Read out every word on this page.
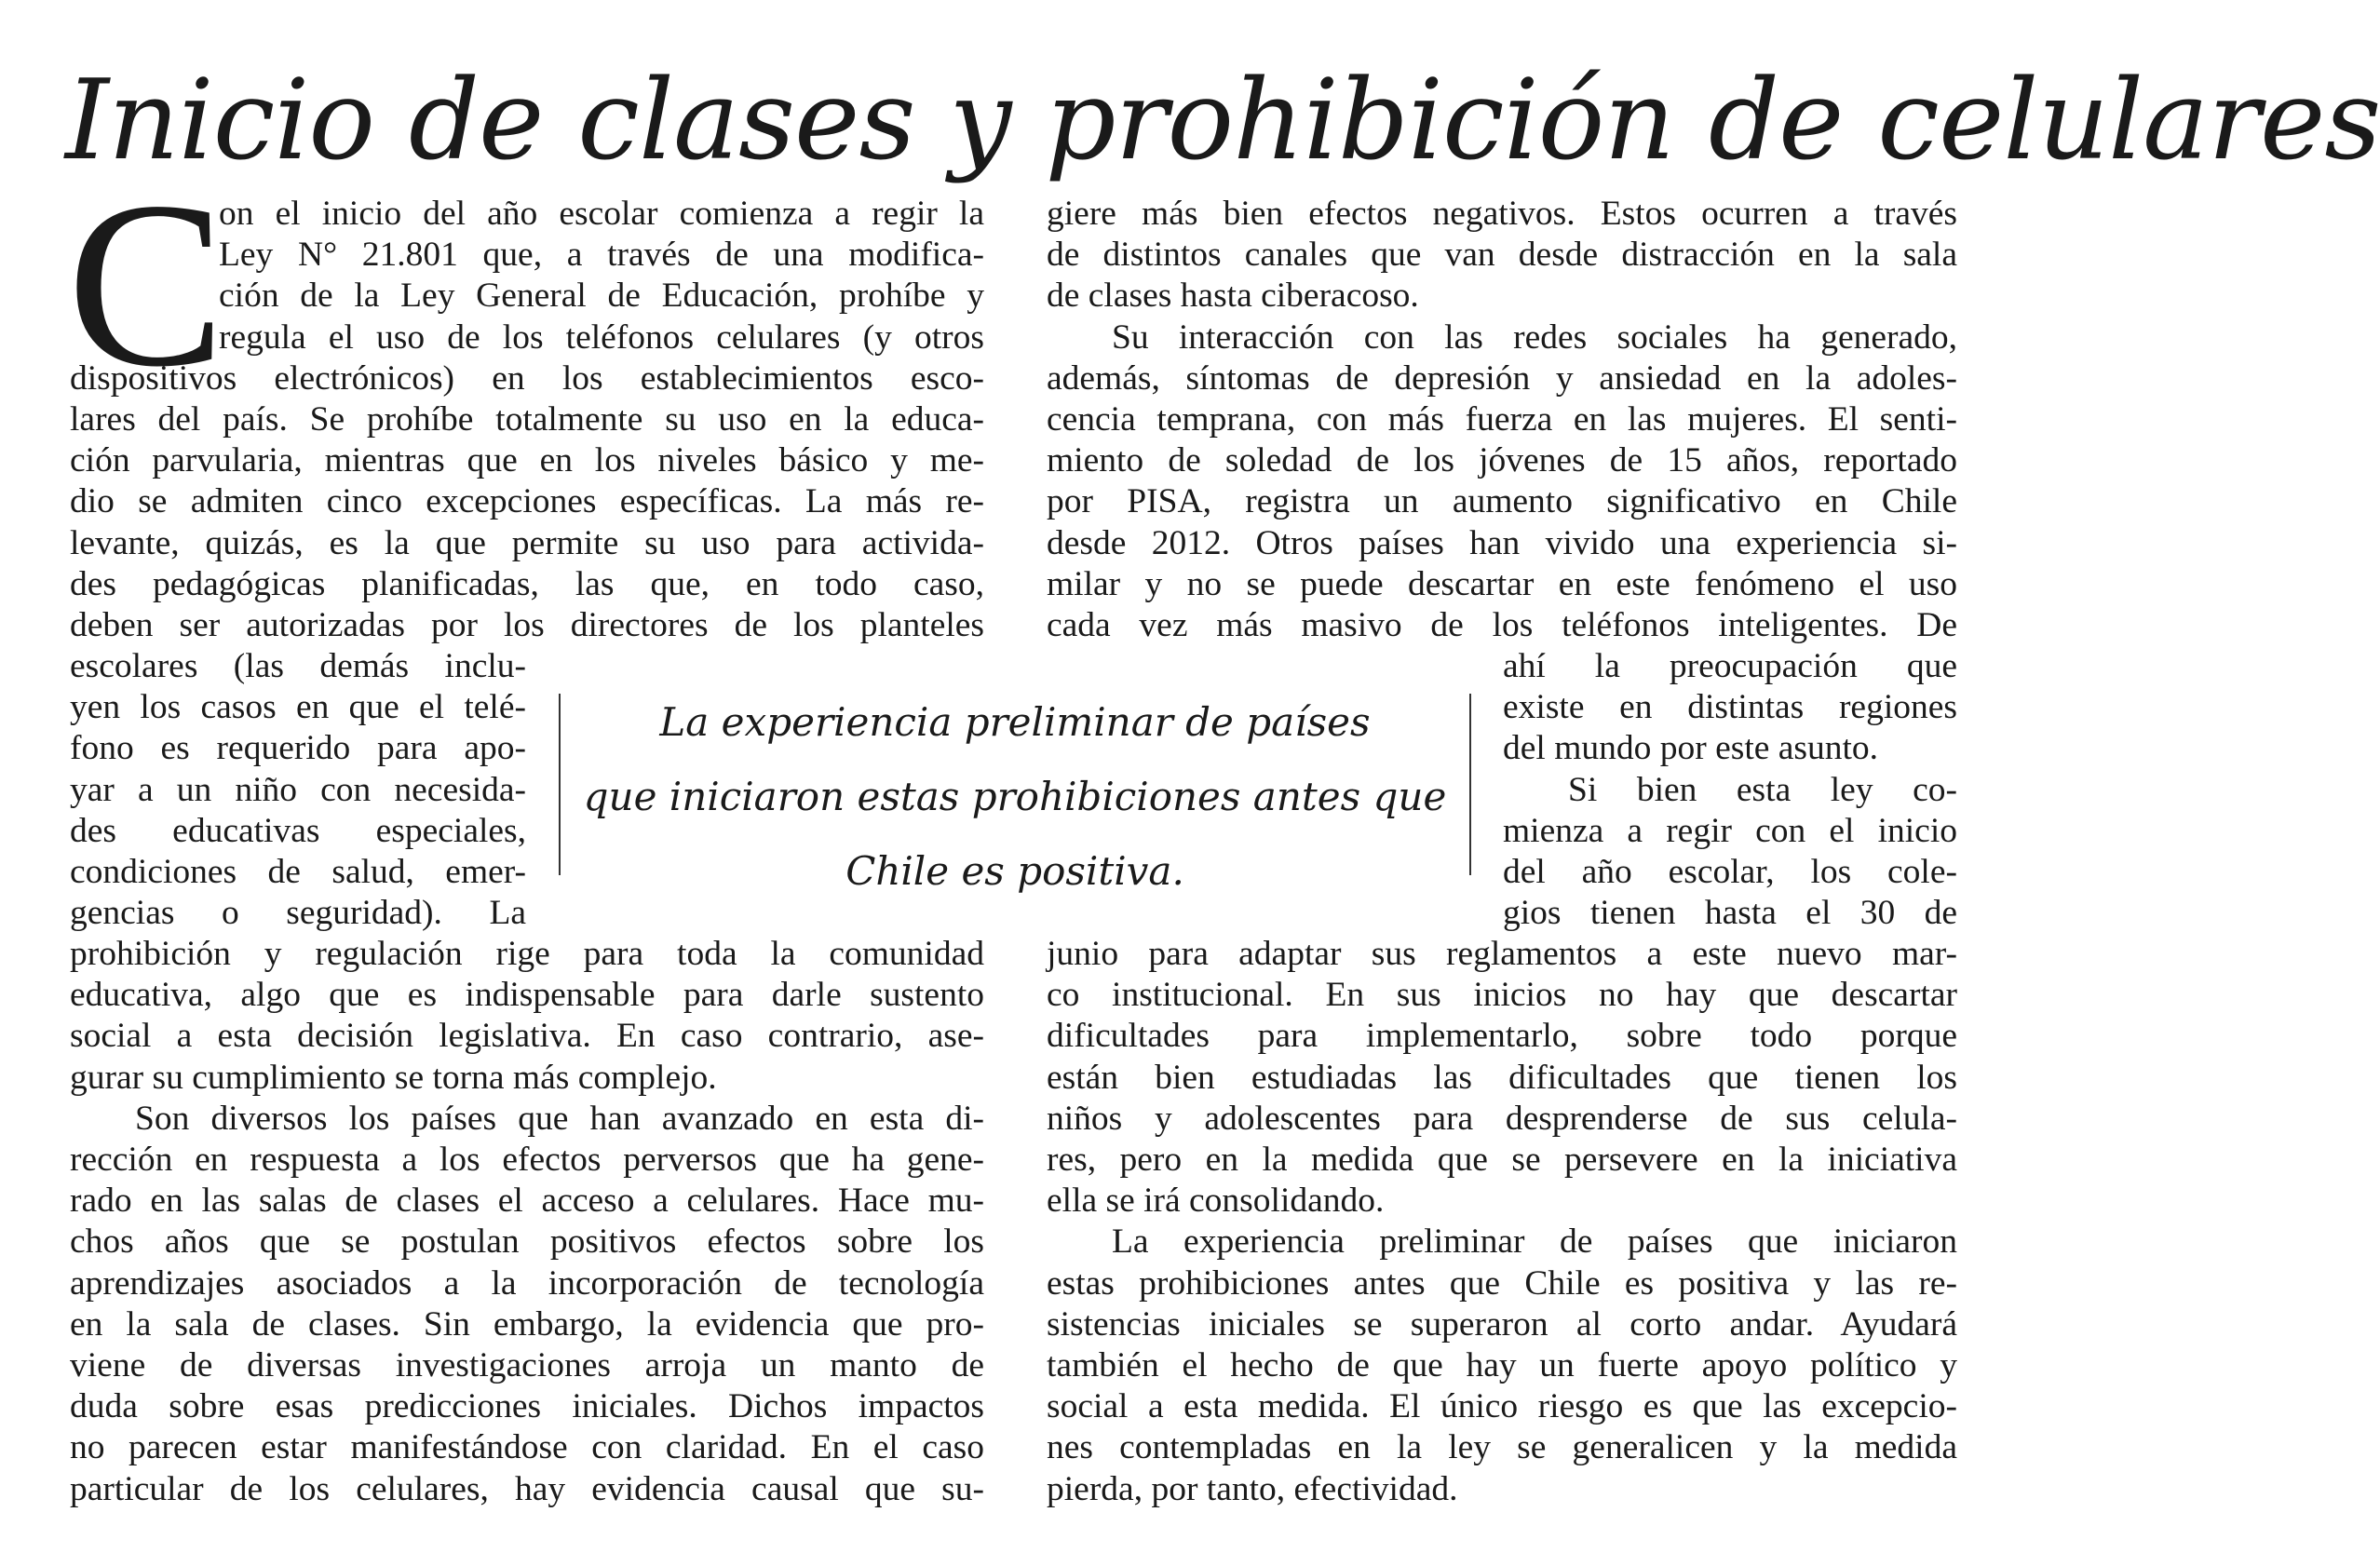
Inicio de clases y prohibición de celulares
C
on el inicio del año escolar comienza a regir la
Ley N° 21.801 que, a través de una modifica-
ción de la Ley General de Educación, prohíbe y
regula el uso de los teléfonos celulares (y otros
dispositivos electrónicos) en los establecimientos esco-
lares del país. Se prohíbe totalmente su uso en la educa-
ción parvularia, mientras que en los niveles básico y me-
dio se admiten cinco excepciones específicas. La más re-
levante, quizás, es la que permite su uso para activida-
des pedagógicas planificadas, las que, en todo caso,
deben ser autorizadas por los directores de los planteles
escolares (las demás inclu-
yen los casos en que el telé-
fono es requerido para apo-
yar a un niño con necesida-
des educativas especiales,
condiciones de salud, emer-
gencias o seguridad). La
prohibición y regulación rige para toda la comunidad
educativa, algo que es indispensable para darle sustento
social a esta decisión legislativa. En caso contrario, ase-
gurar su cumplimiento se torna más complejo.
Son diversos los países que han avanzado en esta di-
rección en respuesta a los efectos perversos que ha gene-
rado en las salas de clases el acceso a celulares. Hace mu-
chos años que se postulan positivos efectos sobre los
aprendizajes asociados a la incorporación de tecnología
en la sala de clases. Sin embargo, la evidencia que pro-
viene de diversas investigaciones arroja un manto de
duda sobre esas predicciones iniciales. Dichos impactos
no parecen estar manifestándose con claridad. En el caso
particular de los celulares, hay evidencia causal que su-
giere más bien efectos negativos. Estos ocurren a través
de distintos canales que van desde distracción en la sala
de clases hasta ciberacoso.
Su interacción con las redes sociales ha generado,
además, síntomas de depresión y ansiedad en la adoles-
cencia temprana, con más fuerza en las mujeres. El senti-
miento de soledad de los jóvenes de 15 años, reportado
por PISA, registra un aumento significativo en Chile
desde 2012. Otros países han vivido una experiencia si-
milar y no se puede descartar en este fenómeno el uso
cada vez más masivo de los teléfonos inteligentes. De
ahí la preocupación que
existe en distintas regiones
del mundo por este asunto.
Si bien esta ley co-
mienza a regir con el inicio
del año escolar, los cole-
gios tienen hasta el 30 de
junio para adaptar sus reglamentos a este nuevo mar-
co institucional. En sus inicios no hay que descartar
dificultades para implementarlo, sobre todo porque
están bien estudiadas las dificultades que tienen los
niños y adolescentes para desprenderse de sus celula-
res, pero en la medida que se persevere en la iniciativa
ella se irá consolidando.
La experiencia preliminar de países que iniciaron
estas prohibiciones antes que Chile es positiva y las re-
sistencias iniciales se superaron al corto andar. Ayudará
también el hecho de que hay un fuerte apoyo político y
social a esta medida. El único riesgo es que las excepcio-
nes contempladas en la ley se generalicen y la medida
pierda, por tanto, efectividad.
La experiencia preliminar de países
que iniciaron estas prohibiciones antes que
Chile es positiva.
